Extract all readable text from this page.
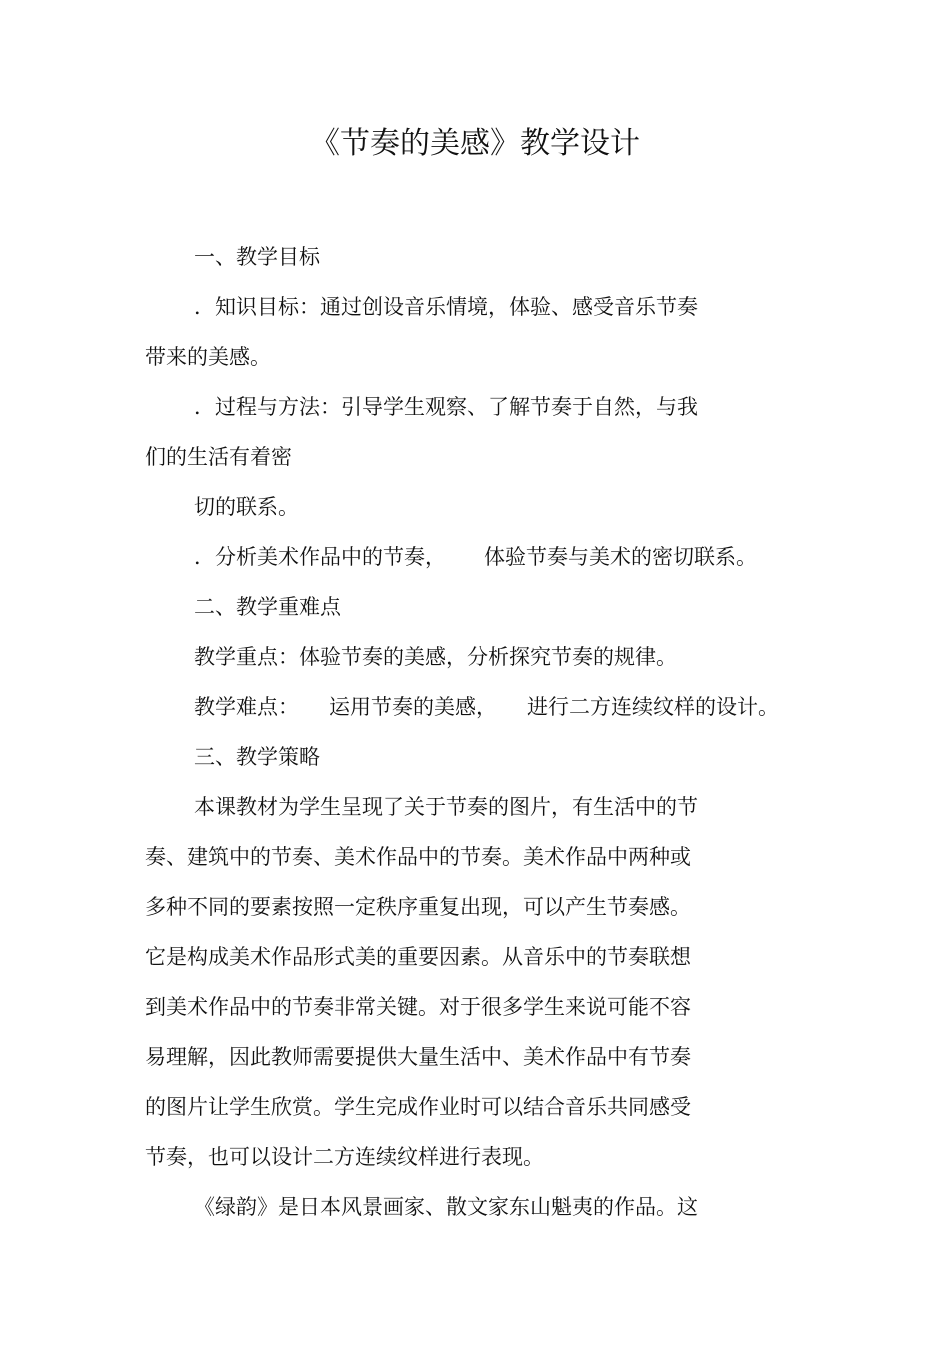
《节奏的美感》教学设计
一、教学目标
．知识目标：通过创设音乐情境，体验、感受音乐节奏
带来的美感。
．过程与方法：引导学生观察、了解节奏于自然，与我
们的生活有着密
切的联系。
．分析美术作品中的节奏， 体验节奏与美术的密切联系。
二、教学重难点
教学重点：体验节奏的美感，分析探究节奏的规律。
教学难点： 运用节奏的美感， 进行二方连续纹样的设计。
三、教学策略
本课教材为学生呈现了关于节奏的图片，有生活中的节
奏、建筑中的节奏、美术作品中的节奏。美术作品中两种或
多种不同的要素按照一定秩序重复出现，可以产生节奏感。
它是构成美术作品形式美的重要因素。从音乐中的节奏联想
到美术作品中的节奏非常关键。对于很多学生来说可能不容
易理解，因此教师需要提供大量生活中、美术作品中有节奏
的图片让学生欣赏。学生完成作业时可以结合音乐共同感受
节奏，也可以设计二方连续纹样进行表现。
《绿韵》是日本风景画家、散文家东山魁夷的作品。这
